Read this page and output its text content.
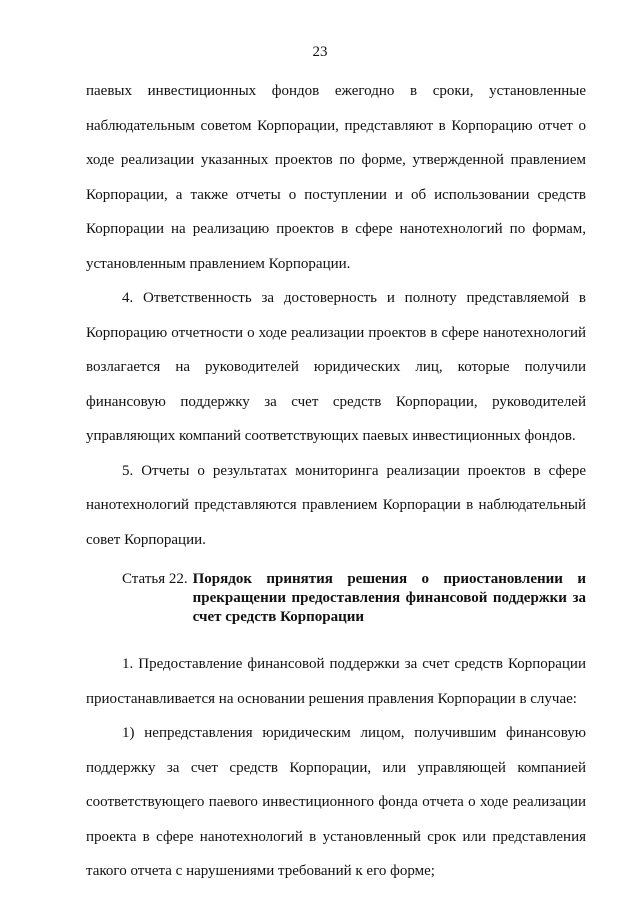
23

паевых инвестиционных фондов ежегодно в сроки, установленные наблюдательным советом Корпорации, представляют в Корпорацию отчет о ходе реализации указанных проектов по форме, утвержденной правлением Корпорации, а также отчеты о поступлении и об использовании средств Корпорации на реализацию проектов в сфере нанотехнологий по формам, установленным правлением Корпорации.

4. Ответственность за достоверность и полноту представляемой в Корпорацию отчетности о ходе реализации проектов в сфере нанотехнологий возлагается на руководителей юридических лиц, которые получили финансовую поддержку за счет средств Корпорации, руководителей управляющих компаний соответствующих паевых инвестиционных фондов.

5. Отчеты о результатах мониторинга реализации проектов в сфере нанотехнологий представляются правлением Корпорации в наблюдательный совет Корпорации.

Статья 22. Порядок принятия решения о приостановлении и прекращении предоставления финансовой поддержки за счет средств Корпорации

1. Предоставление финансовой поддержки за счет средств Корпорации приостанавливается на основании решения правления Корпорации в случае:

1) непредставления юридическим лицом, получившим финансовую поддержку за счет средств Корпорации, или управляющей компанией соответствующего паевого инвестиционного фонда отчета о ходе реализации проекта в сфере нанотехнологий в установленный срок или представления такого отчета с нарушениями требований к его форме;
